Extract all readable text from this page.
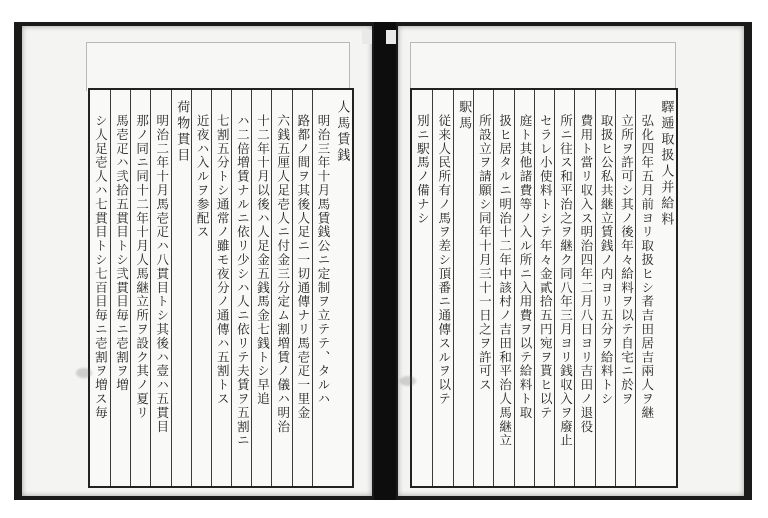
人馬賃銭
明治三年十月馬賃銭公ニ定制ヲ立テテ、タルハ
路都ノ間ヲ其後人足ニ一切通傳ナリ馬壱疋一里金
六銭五厘人足壱人ニ付金三分定ム割増賃ノ儀ハ明治
十二年十月以後ハ人足金五銭馬金七銭トシ早追
ハ二倍増賃ナルニ依リ少シハ人ニ依リテ夫賃ヲ五割ニ
七割五分トシ通常ノ雖モ夜分ノ通傳ハ五割トス
近夜ハ入ルヲ参配ス
荷物貫目
明治二年十月馬壱疋ハ八貫目トシ其後ハ壹ハ五貫目
那ノ同ニ同十二年十月人馬継立所ヲ設ク其ノ夏リ
馬壱疋ハ弐拾五貫目トシ弐貫目毎ニ壱割ヲ増
シ人足壱人ハ七貫目トシ七百目毎ニ壱割ヲ増ス毎	驛逓取扱人并給料
弘化四年五月前ヨリ取扱ヒシ者吉田居吉兩人ヲ継
立所ヲ許可シ其ノ後年々給料ヲ以テ自宅ニ於ヲ
取扱ヒ公私共継立賃銭ノ内ヨリ五分ヲ給料トシ
費用ト當リ収入ス明治四年二月八日ヨリ吉田ノ退役
所ニ往ス和平治之ヲ継ク同八年三月ヨリ銭収入ヲ廢止
セラレ小使料トシテ年々金貳拾五円宛ヲ貰ヒ以テ
庭ト其他諸費等ノ入ル所ニ入用費ヲ以テ給料ト取
扱ヒ居タルニ明治十二年中該村ノ吉田和平治人馬継立
所設立ヲ請願シ同年十月三十一日之ヲ許可ス
駅馬
従来人民所有ノ馬ヲ差シ頂番ニ通傳スルヲ以テ
別ニ駅馬ノ備ナシ
